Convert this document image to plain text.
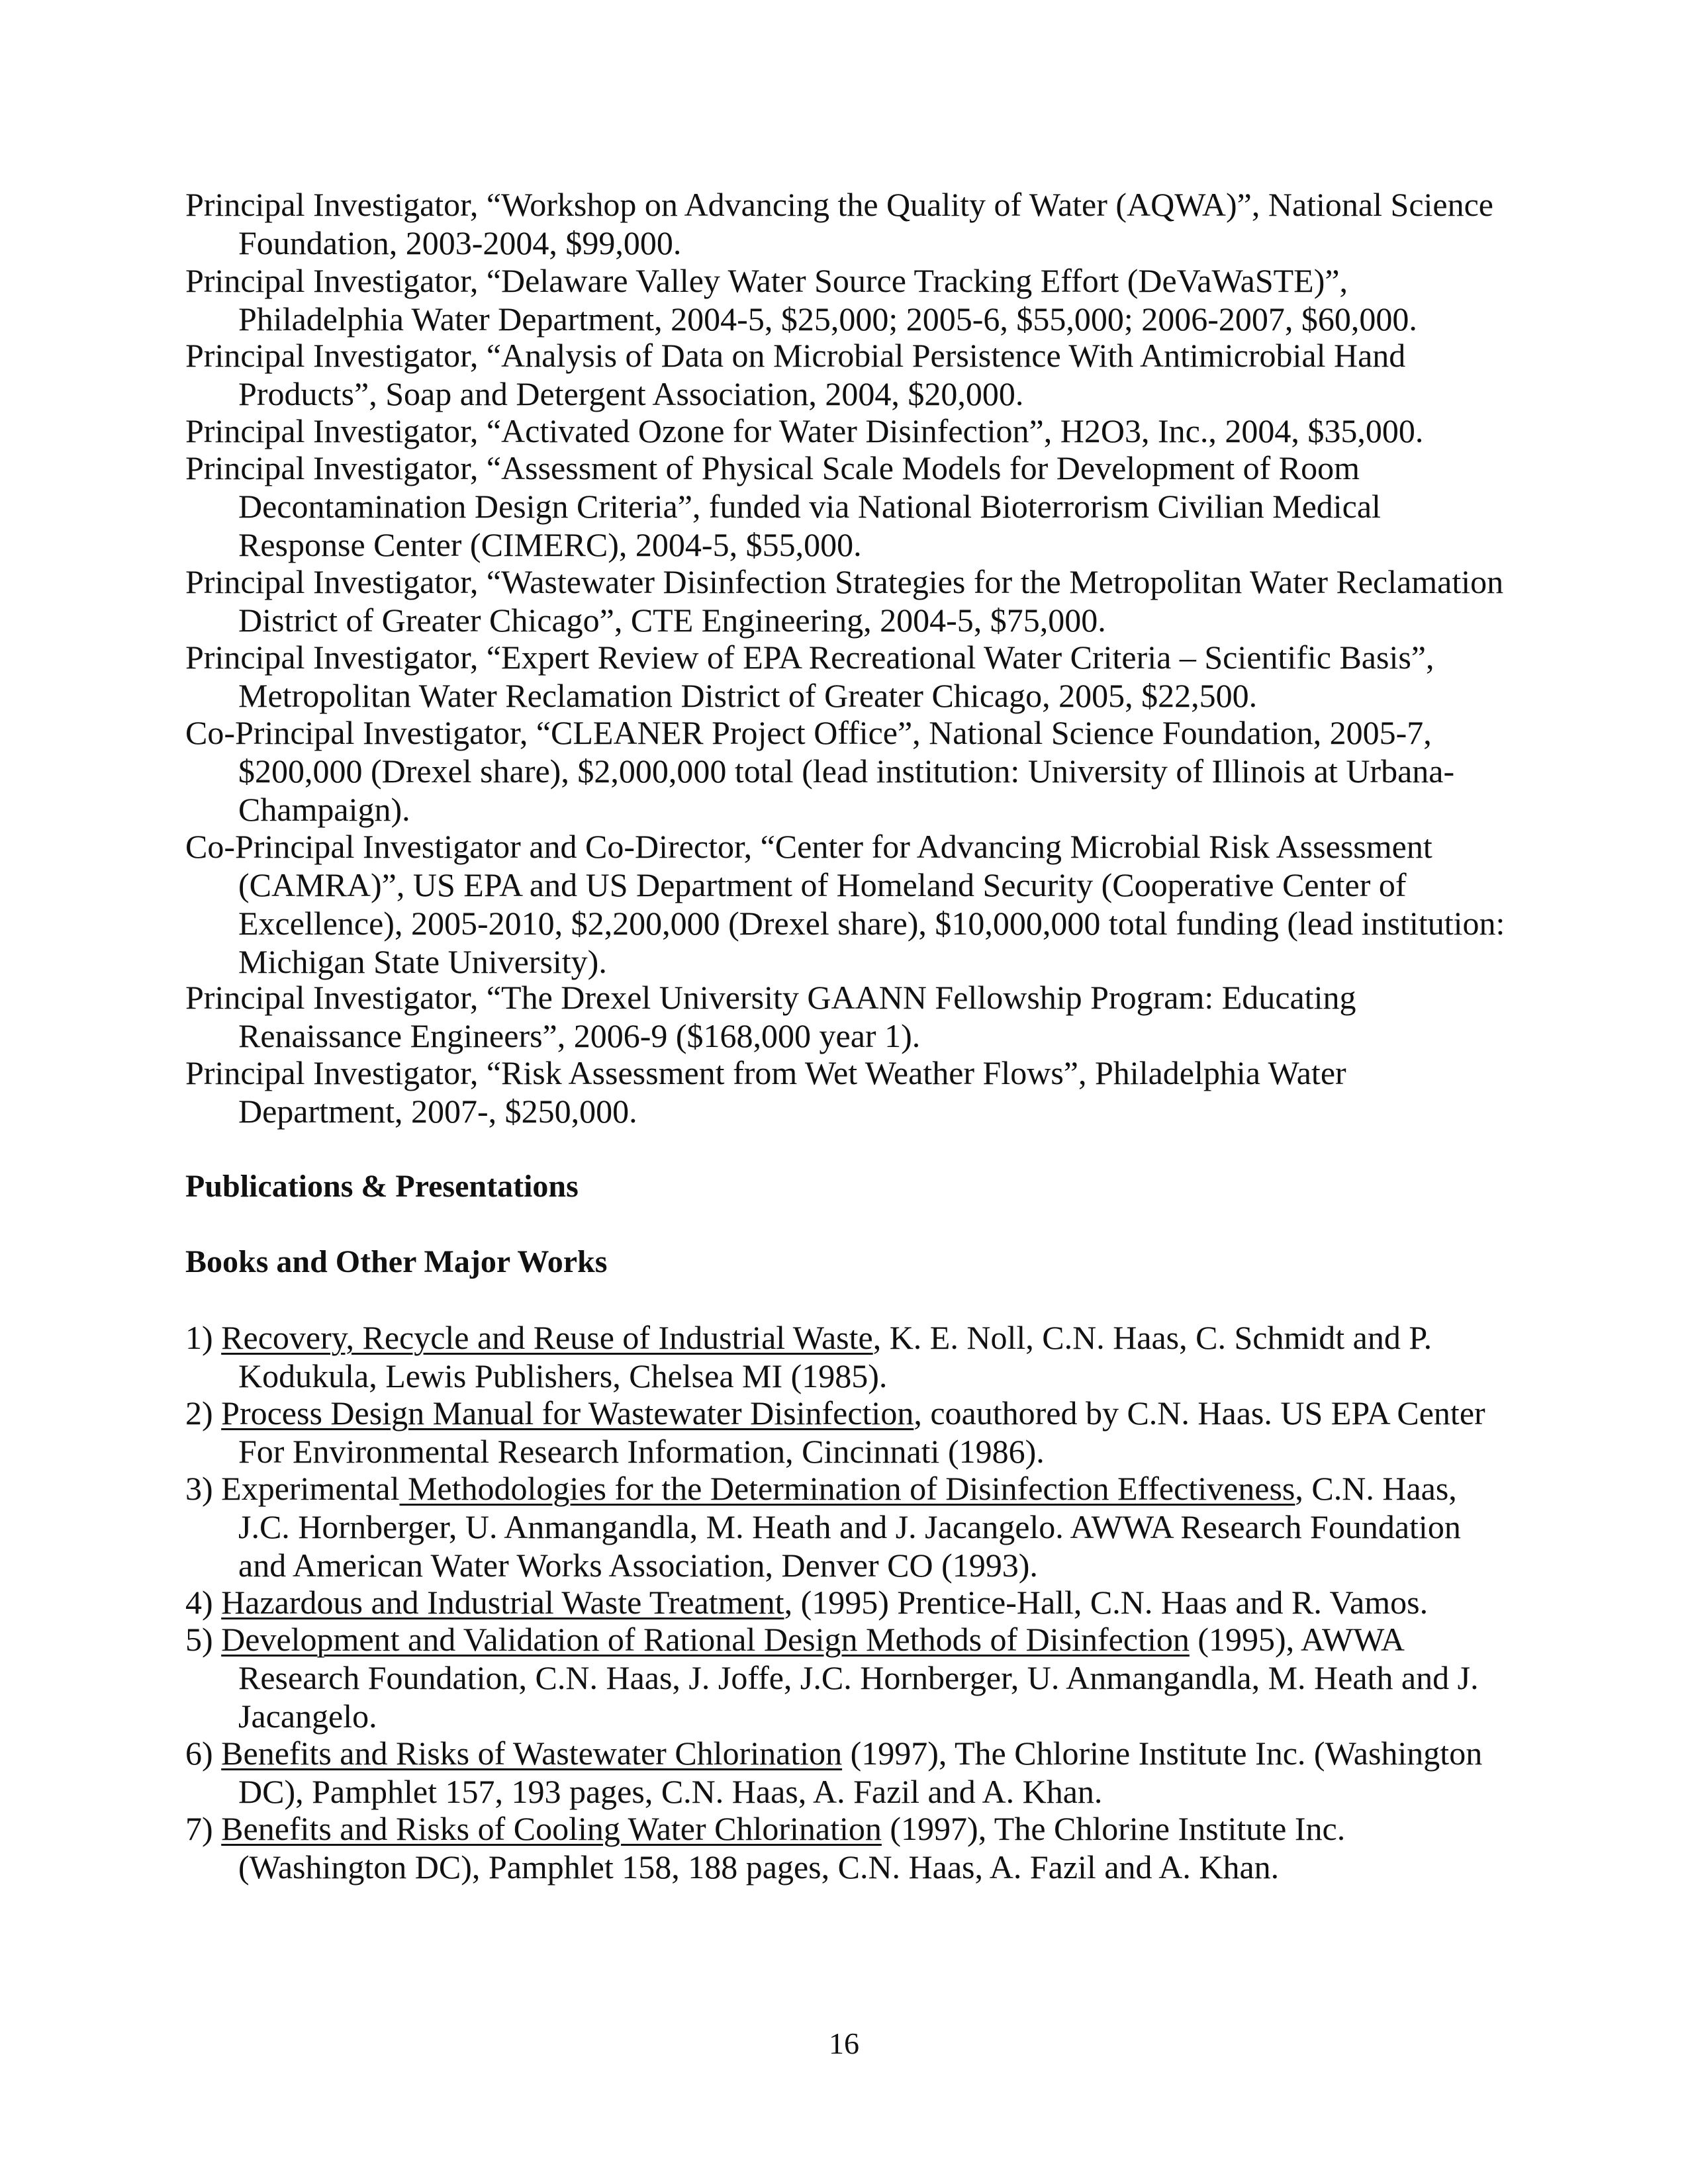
Principal Investigator, “Workshop on Advancing the Quality of Water (AQWA)”, National Science Foundation, 2003-2004, $99,000.

Principal Investigator, “Delaware Valley Water Source Tracking Effort (DeVaWaSTE)”, Philadelphia Water Department, 2004-5, $25,000; 2005-6, $55,000; 2006-2007, $60,000.

Principal Investigator, “Analysis of Data on Microbial Persistence With Antimicrobial Hand Products”, Soap and Detergent Association, 2004, $20,000.

Principal Investigator, “Activated Ozone for Water Disinfection”, H2O3, Inc., 2004, $35,000.

Principal Investigator, “Assessment of Physical Scale Models for Development of Room Decontamination Design Criteria”, funded via National Bioterrorism Civilian Medical Response Center (CIMERC), 2004-5, $55,000.

Principal Investigator, “Wastewater Disinfection Strategies for the Metropolitan Water Reclamation District of Greater Chicago”, CTE Engineering, 2004-5, $75,000.

Principal Investigator, “Expert Review of EPA Recreational Water Criteria – Scientific Basis”, Metropolitan Water Reclamation District of Greater Chicago, 2005, $22,500.

Co-Principal Investigator, “CLEANER Project Office”, National Science Foundation, 2005-7, $200,000 (Drexel share), $2,000,000 total (lead institution: University of Illinois at Urbana-Champaign).

Co-Principal Investigator and Co-Director, “Center for Advancing Microbial Risk Assessment (CAMRA)”, US EPA and US Department of Homeland Security (Cooperative Center of Excellence), 2005-2010, $2,200,000 (Drexel share), $10,000,000 total funding (lead institution: Michigan State University).

Principal Investigator, “The Drexel University GAANN Fellowship Program: Educating Renaissance Engineers”, 2006-9 ($168,000 year 1).

Principal Investigator, “Risk Assessment from Wet Weather Flows”, Philadelphia Water Department, 2007-, $250,000.

Publications & Presentations
Books and Other Major Works

1) Recovery, Recycle and Reuse of Industrial Waste, K. E. Noll, C.N. Haas, C. Schmidt and P. Kodukula, Lewis Publishers, Chelsea MI (1985).

2) Process Design Manual for Wastewater Disinfection, coauthored by C.N. Haas. US EPA Center For Environmental Research Information, Cincinnati (1986).

3) Experimental Methodologies for the Determination of Disinfection Effectiveness, C.N. Haas, J.C. Hornberger, U. Anmangandla, M. Heath and J. Jacangelo. AWWA Research Foundation and American Water Works Association, Denver CO (1993).

4) Hazardous and Industrial Waste Treatment, (1995) Prentice-Hall, C.N. Haas and R. Vamos.

5) Development and Validation of Rational Design Methods of Disinfection (1995), AWWA Research Foundation, C.N. Haas, J. Joffe, J.C. Hornberger, U. Anmangandla, M. Heath and J. Jacangelo.

6) Benefits and Risks of Wastewater Chlorination (1997), The Chlorine Institute Inc. (Washington DC), Pamphlet 157, 193 pages, C.N. Haas, A. Fazil and A. Khan.

7) Benefits and Risks of Cooling Water Chlorination (1997), The Chlorine Institute Inc. (Washington DC), Pamphlet 158, 188 pages, C.N. Haas, A. Fazil and A. Khan.

16
